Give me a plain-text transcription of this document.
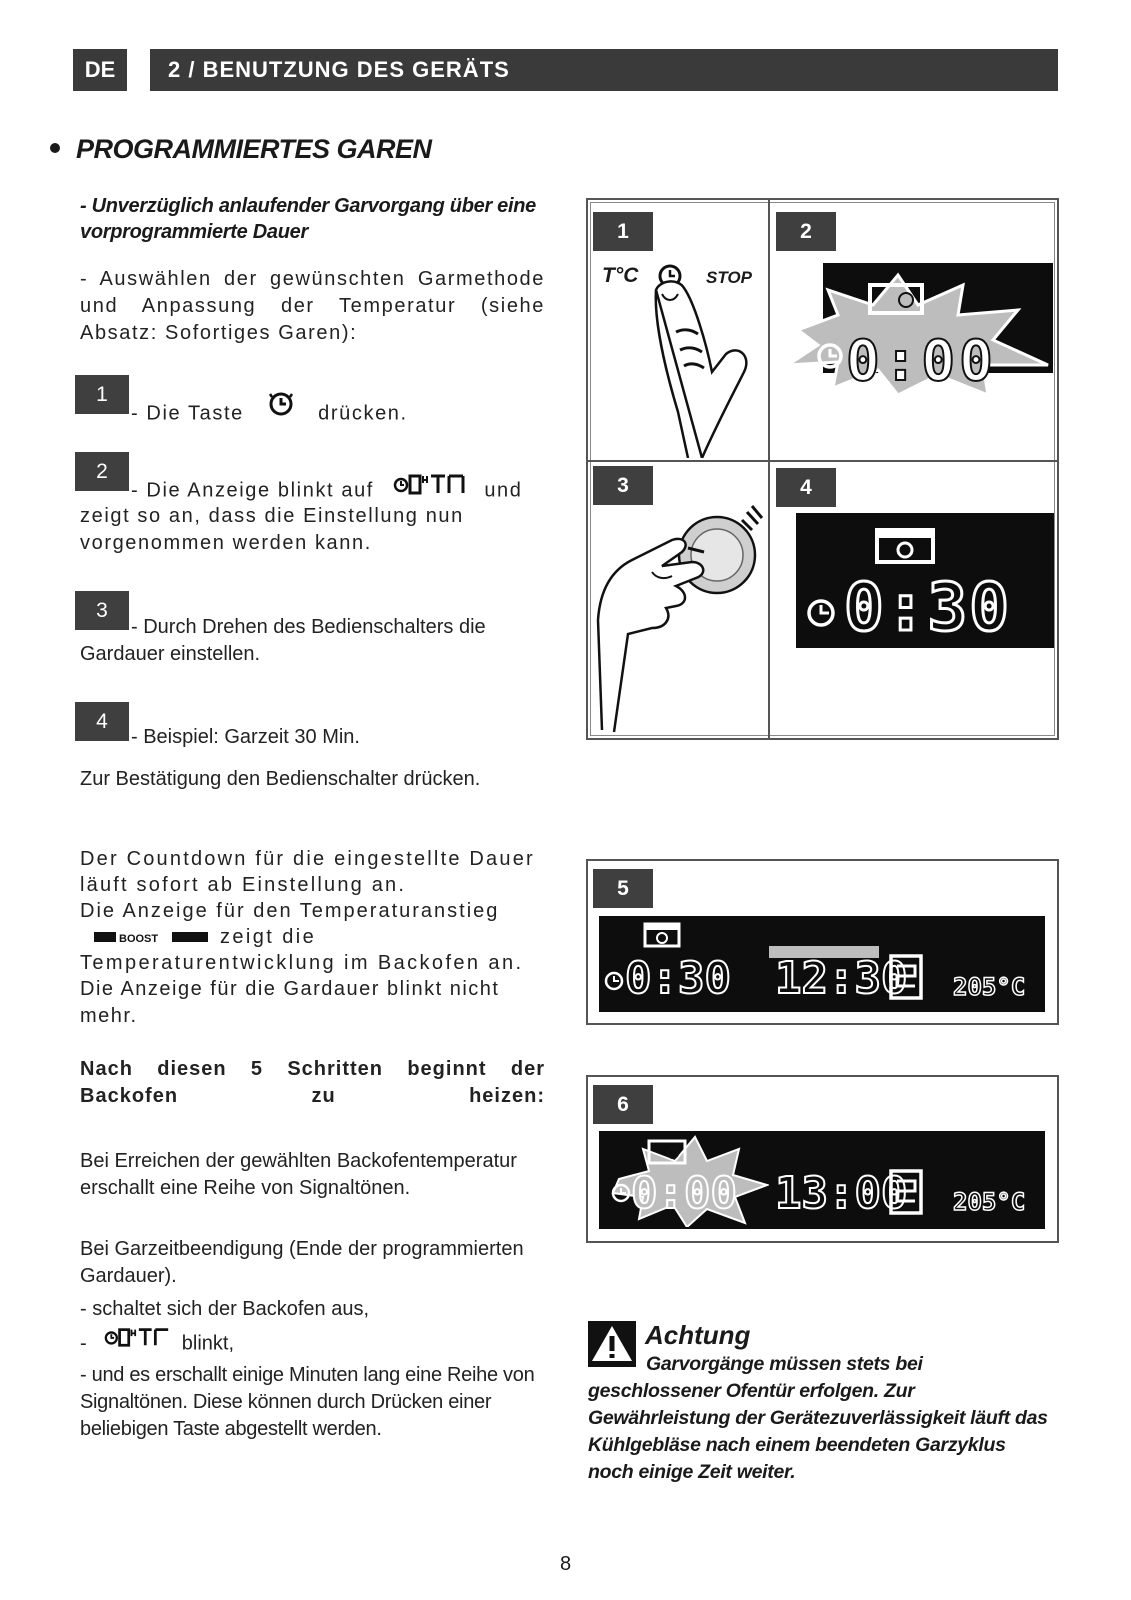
DE	2 / BENUTZUNG DES GERÄTS
PROGRAMMIERTES GAREN
- Unverzüglich anlaufender Garvorgang über eine vorprogrammierte Dauer
- Auswählen der gewünschten Garmethode und Anpassung der Temperatur (siehe Absatz: Sofortiges Garen):
1
- Die Taste	drücken.
2
- Die Anzeige blinkt auf	und
zeigt so an, dass die Einstellung nun vorgenommen werden kann.
3
- Durch Drehen des Bedienschalters die Gardauer einstellen.
4
- Beispiel: Garzeit 30 Min.
Zur Bestätigung den Bedienschalter drücken.
Der Countdown für die eingestellte Dauer läuft sofort ab Einstellung an.
Die Anzeige für den Temperaturanstieg
BOOST	zeigt die Temperaturentwicklung im Backofen an.
Die Anzeige für die Gardauer blinkt nicht mehr.
Nach diesen 5 Schritten beginnt der Backofen zu heizen:
Bei Erreichen der gewählten Backofentemperatur erschallt eine Reihe von Signaltönen.
Bei Garzeitbeendigung (Ende der programmierten Gardauer).
- schaltet sich der Backofen aus,
-	blinkt,
- und es erschallt einige Minuten lang eine Reihe von Signaltönen. Diese können durch Drücken einer beliebigen Taste abgestellt werden.
1
T°C	STOP
2
0:00
3	4
0:30
5
0:30 12:30 205°C
6
0:00 13:00 205°C
Achtung
Garvorgänge müssen stets bei geschlossener Ofentür erfolgen. Zur Gewährleistung der Gerätezuverlässigkeit läuft das Kühlgebläse nach einem beendeten Garzyklus noch einige Zeit weiter.
8
